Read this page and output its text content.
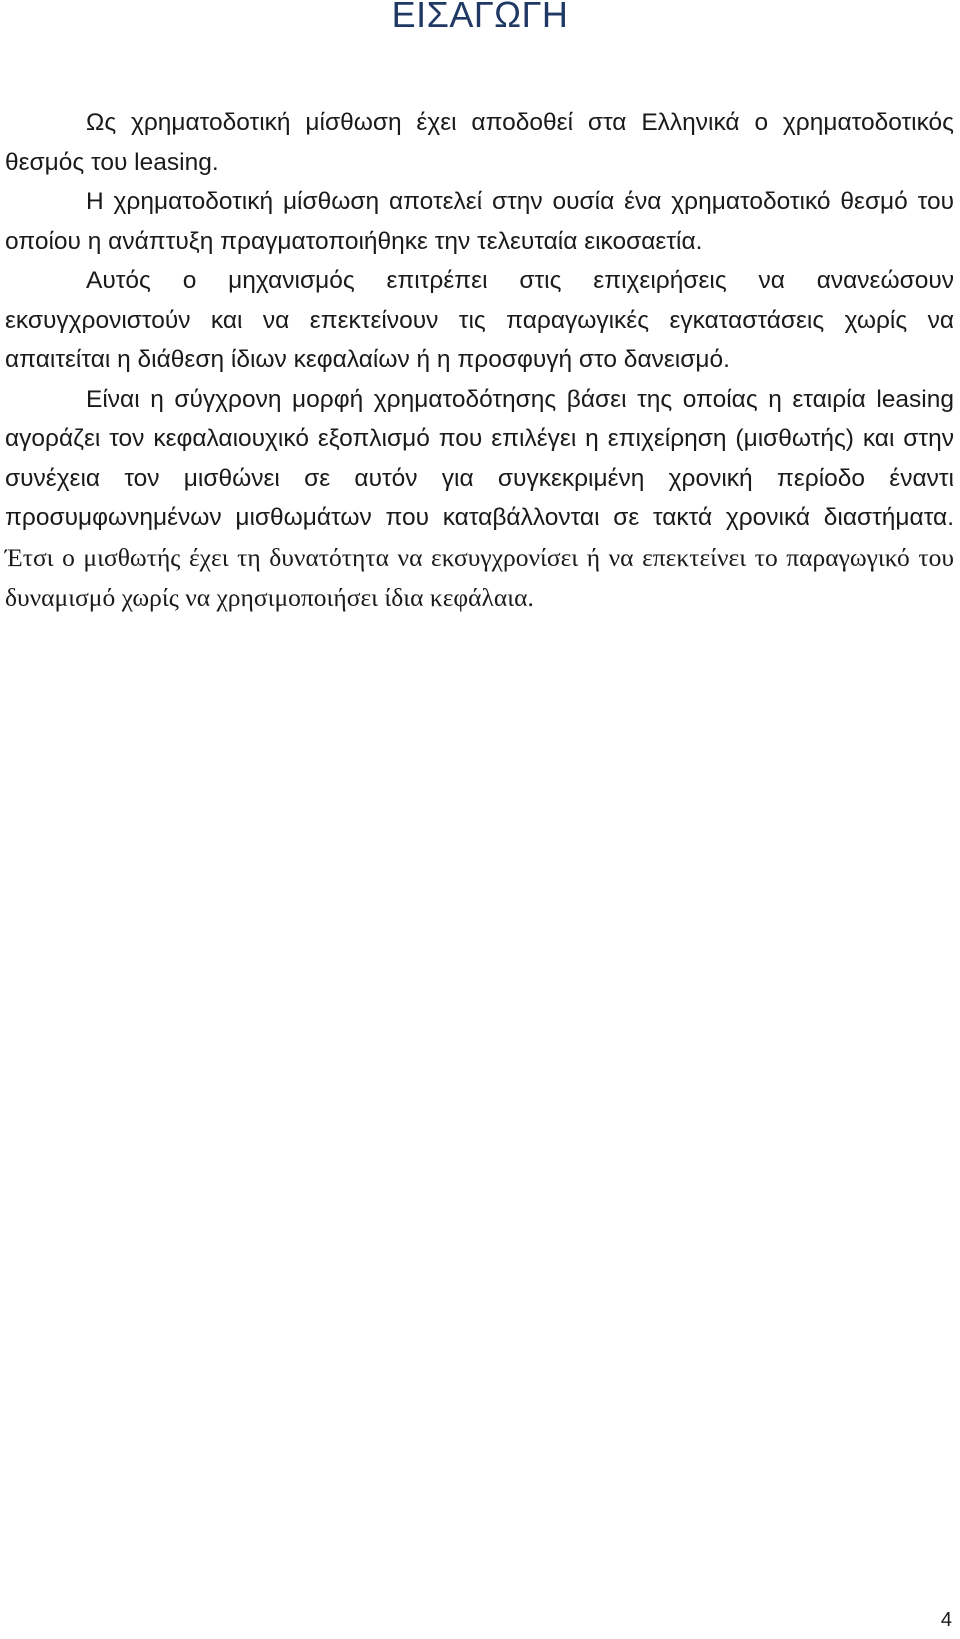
ΕΙΣΑΓΩΓΗ

Ως χρηματοδοτική μίσθωση έχει αποδοθεί στα Ελληνικά ο χρηματοδοτικός θεσμός του leasing.

Η χρηματοδοτική μίσθωση αποτελεί στην ουσία ένα χρηματοδοτικό θεσμό του οποίου η ανάπτυξη πραγματοποιήθηκε την τελευταία εικοσαετία.

Αυτός ο μηχανισμός επιτρέπει στις επιχειρήσεις να ανανεώσουν εκσυγχρονιστούν και να επεκτείνουν τις παραγωγικές εγκαταστάσεις χωρίς να απαιτείται η διάθεση ίδιων κεφαλαίων ή η προσφυγή στο δανεισμό.

Είναι η σύγχρονη μορφή χρηματοδότησης βάσει της οποίας η εταιρία leasing αγοράζει τον κεφαλαιουχικό εξοπλισμό που επιλέγει η επιχείρηση (μισθωτής) και στην συνέχεια τον μισθώνει σε αυτόν για συγκεκριμένη χρονική περίοδο έναντι προσυμφωνημένων μισθωμάτων που καταβάλλονται σε τακτά χρονικά διαστήματα. Έτσι ο μισθωτής έχει τη δυνατότητα να εκσυγχρονίσει ή να επεκτείνει το παραγωγικό του δυναμισμό χωρίς να χρησιμοποιήσει ίδια κεφάλαια.

4
